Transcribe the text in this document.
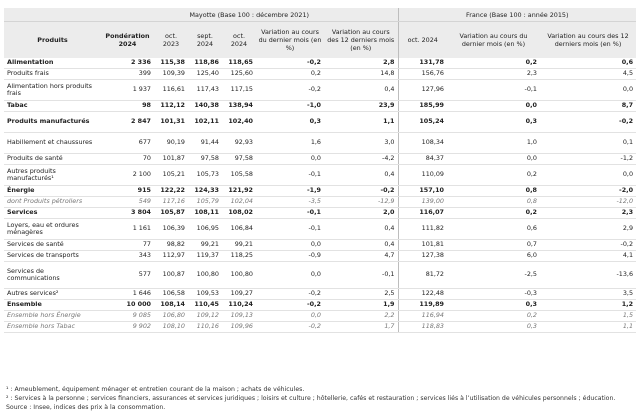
	Mayotte (Base 100 : décembre 2021)						France (Base 100 : année 2015)		
Produits	Pondération 2024	oct. 2023	sept. 2024	oct. 2024	Variation au cours du dernier mois (en %)	Variation au cours des 12 derniers mois (en %)	oct. 2024	Variation au cours du dernier mois (en %)	Variation au cours des 12 derniers mois (en %)
Alimentation	2 336	115,38	118,86	118,65	-0,2	2,8	131,78	0,2	0,6
Produits frais	399	109,39	125,40	125,60	0,2	14,8	156,76	2,3	4,5
Alimentation hors produits frais	1 937	116,61	117,43	117,15	-0,2	0,4	127,96	-0,1	0,0
Tabac	98	112,12	140,38	138,94	-1,0	23,9	185,99	0,0	8,7
Produits manufacturés	2 847	101,31	102,11	102,40	0,3	1,1	105,24	0,3	-0,2
Habillement et chaussures	677	90,19	91,44	92,93	1,6	3,0	108,34	1,0	0,1
Produits de santé	70	101,87	97,58	97,58	0,0	-4,2	84,37	0,0	-1,2
Autres produits manufacturés¹	2 100	105,21	105,73	105,58	-0,1	0,4	110,09	0,2	0,0
Énergie	915	122,22	124,33	121,92	-1,9	-0,2	157,10	0,8	-2,0
dont Produits pétroliers	549	117,16	105,79	102,04	-3,5	-12,9	139,00	0,8	-12,0
Services	3 804	105,87	108,11	108,02	-0,1	2,0	116,07	0,2	2,3
Loyers, eau et ordures ménagères	1 161	106,39	106,95	106,84	-0,1	0,4	111,82	0,6	2,9
Services de santé	77	98,82	99,21	99,21	0,0	0,4	101,81	0,7	-0,2
Services de transports	343	112,97	119,37	118,25	-0,9	4,7	127,38	6,0	4,1
Services de communications	577	100,87	100,80	100,80	0,0	-0,1	81,72	-2,5	-13,6
Autres services²	1 646	106,58	109,53	109,27	-0,2	2,5	122,48	-0,3	3,5
Ensemble	10 000	108,14	110,45	110,24	-0,2	1,9	119,89	0,3	1,2
Ensemble hors Énergie	9 085	106,80	109,12	109,13	0,0	2,2	116,94	0,2	1,5
Ensemble hors Tabac	9 902	108,10	110,16	109,96	-0,2	1,7	118,83	0,3	1,1
¹ : Ameublement, équipement ménager et entretien courant de la maison ; achats de véhicules.
² : Services à la personne ; services financiers, assurances et services juridiques ; loisirs et culture ; hôtellerie, cafés et restauration ; services liés à l’utilisation de véhicules personnels ; éducation.
Source : Insee, indices des prix à la consommation.
